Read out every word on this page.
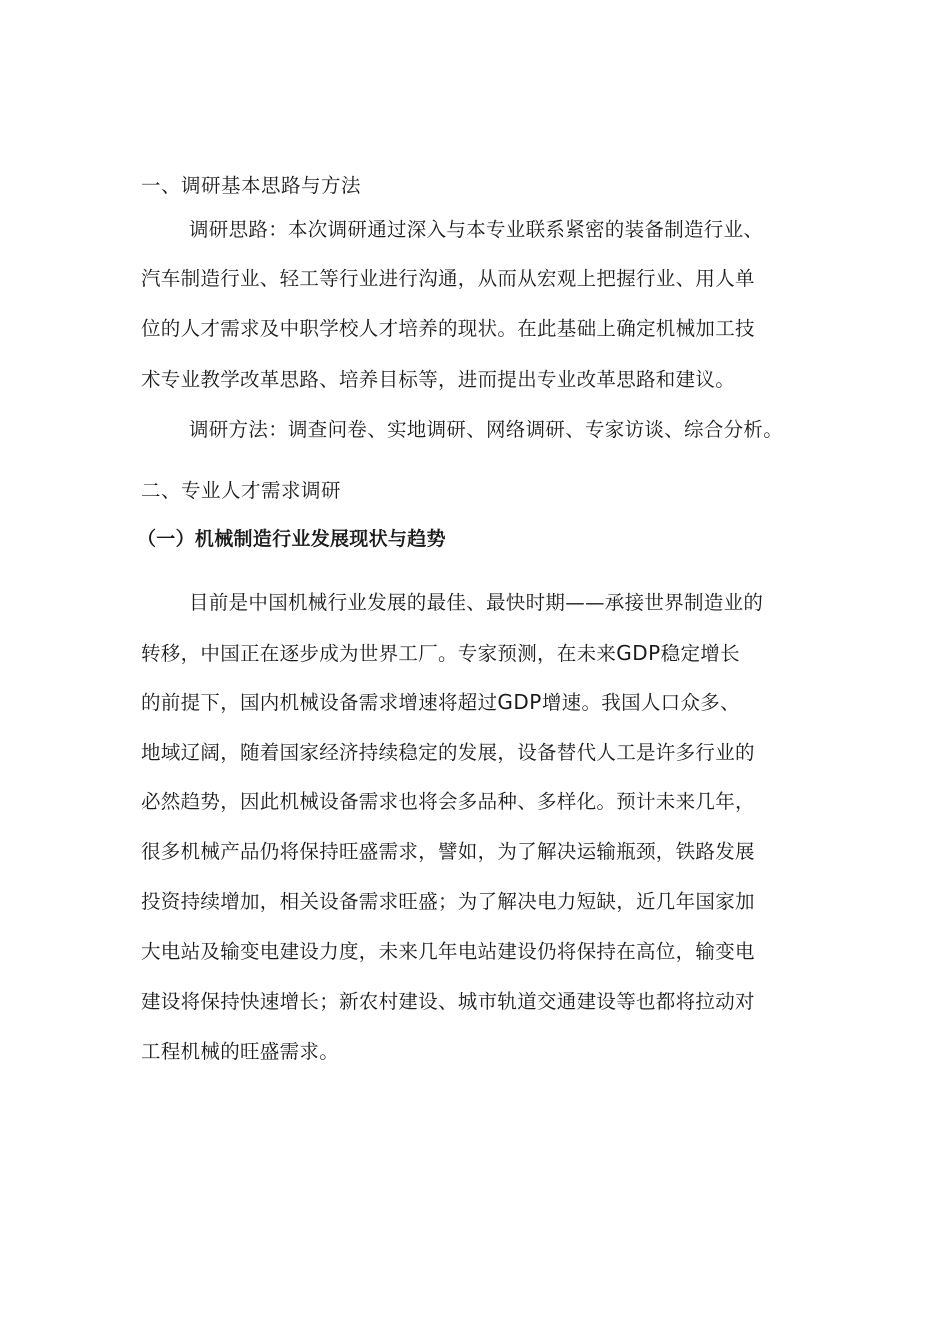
一、调研基本思路与方法
调研思路：本次调研通过深入与本专业联系紧密的装备制造行业、
汽车制造行业、轻工等行业进行沟通，从而从宏观上把握行业、用人单
位的人才需求及中职学校人才培养的现状。在此基础上确定机械加工技
术专业教学改革思路、培养目标等，进而提出专业改革思路和建议。
调研方法：调查问卷、实地调研、网络调研、专家访谈、综合分析。
二、专业人才需求调研
（一）机械制造行业发展现状与趋势
目前是中国机械行业发展的最佳、最快时期——承接世界制造业的
转移，中国正在逐步成为世界工厂。专家预测，在未来GDP稳定增长
的前提下，国内机械设备需求增速将超过GDP增速。我国人口众多、
地域辽阔，随着国家经济持续稳定的发展，设备替代人工是许多行业的
必然趋势，因此机械设备需求也将会多品种、多样化。预计未来几年，
很多机械产品仍将保持旺盛需求，譬如，为了解决运输瓶颈，铁路发展
投资持续增加，相关设备需求旺盛；为了解决电力短缺，近几年国家加
大电站及输变电建设力度，未来几年电站建设仍将保持在高位，输变电
建设将保持快速增长；新农村建设、城市轨道交通建设等也都将拉动对
工程机械的旺盛需求。
